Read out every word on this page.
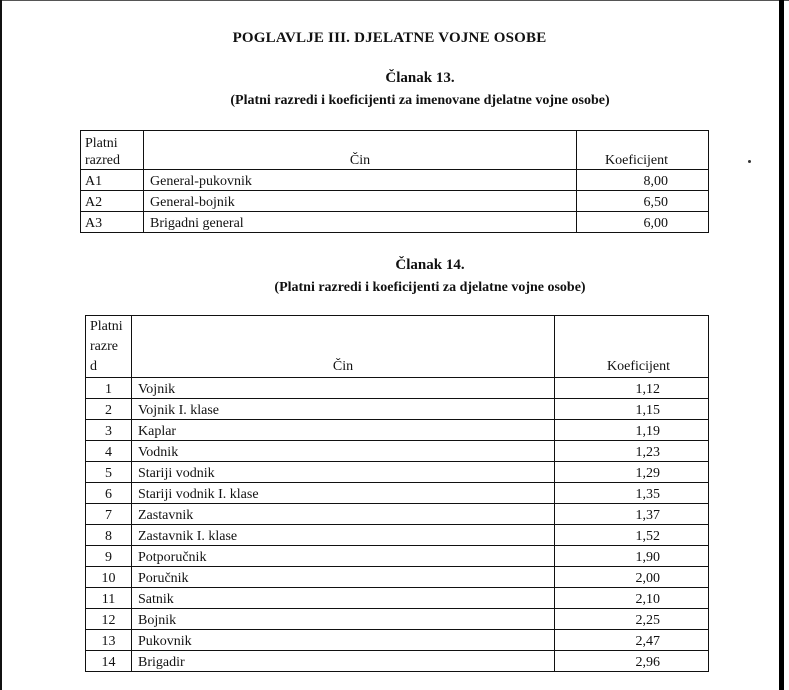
POGLAVLJE III. DJELATNE VOJNE OSOBE
Članak 13.
(Platni razredi i koeficijenti za imenovane djelatne vojne osobe)
Platni
razred	Čin	Koeficijent
A1	General-pukovnik	8,00
A2	General-bojnik	6,50
A3	Brigadni general	6,00
Članak 14.
(Platni razredi i koeficijenti za djelatne vojne osobe)
Platni
razre
d	Čin	Koeficijent
1	Vojnik	1,12
2	Vojnik I. klase	1,15
3	Kaplar	1,19
4	Vodnik	1,23
5	Stariji vodnik	1,29
6	Stariji vodnik I. klase	1,35
7	Zastavnik	1,37
8	Zastavnik I. klase	1,52
9	Potporučnik	1,90
10	Poručnik	2,00
11	Satnik	2,10
12	Bojnik	2,25
13	Pukovnik	2,47
14	Brigadir	2,96
